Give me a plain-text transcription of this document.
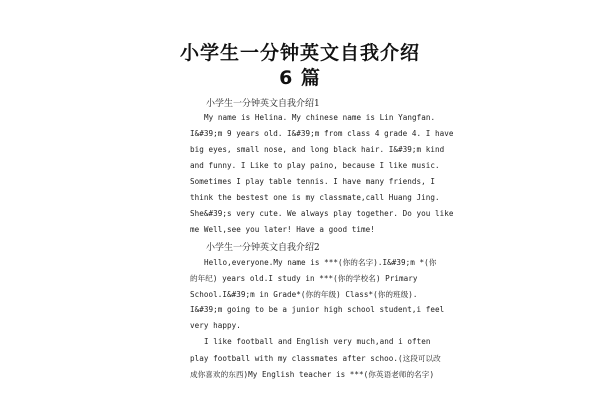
小学生一分钟英文自我介绍
6 篇
小学生一分钟英文自我介绍1
My name is Helina. My chinese name is Lin Yangfan.
I&#39;m 9 years old. I&#39;m from class 4 grade 4. I have
big eyes, small nose, and long black hair. I&#39;m kind
and funny. I Like to play paino, because I like music.
Sometimes I play table tennis. I have many friends, I
think the bestest one is my classmate,call Huang Jing.
She&#39;s very cute. We always play together. Do you like
me Well,see you later! Have a good time!
小学生一分钟英文自我介绍2
Hello,everyone.My name is ***(你的名字).I&#39;m *(你
的年纪) years old.I study in ***(你的学校名) Primary
School.I&#39;m in Grade*(你的年级) Class*(你的班级).
I&#39;m going to be a junior high school student,i feel
very happy.
I like football and English very much,and i often
play football with my classmates after schoo.(这段可以改
成你喜欢的东西)My English teacher is ***(你英语老师的名字)
